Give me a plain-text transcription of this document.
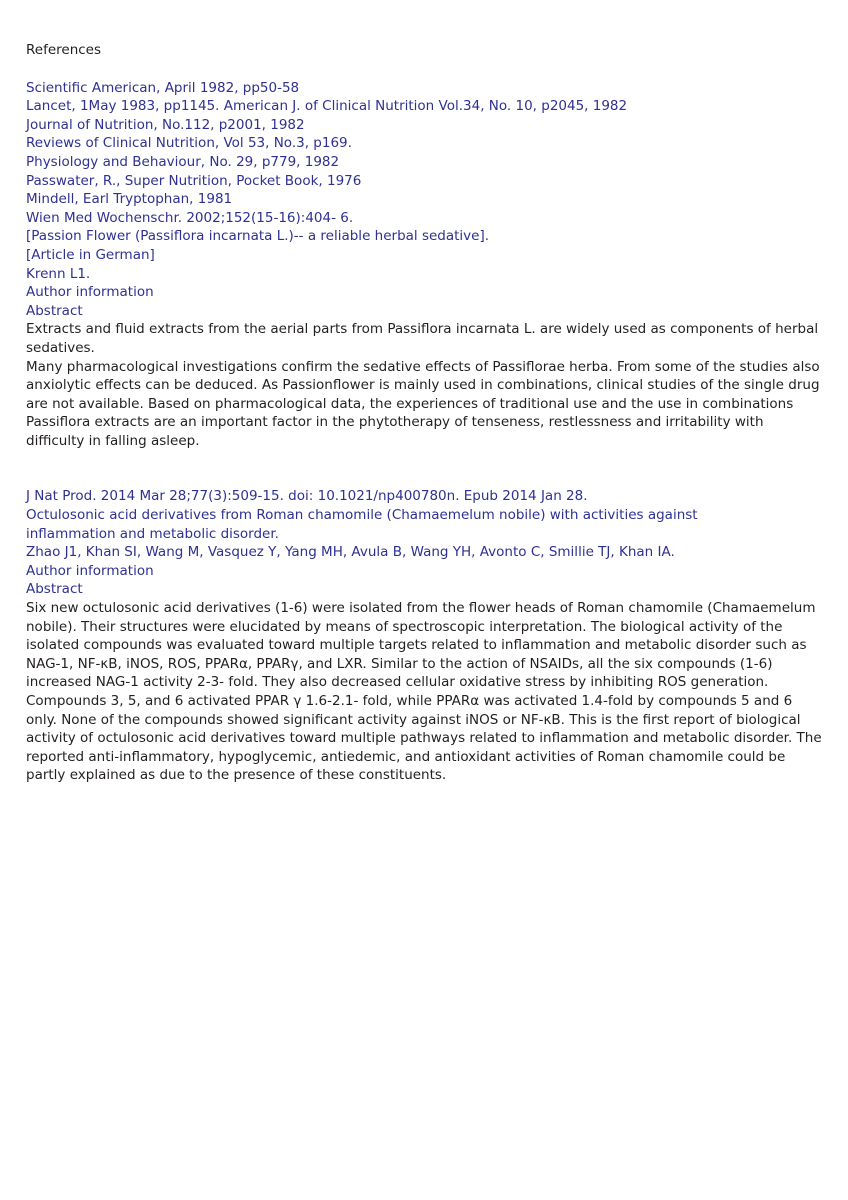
References
Scientific American, April 1982, pp50-58
Lancet, 1May 1983, pp1145. American J. of Clinical Nutrition Vol.34, No. 10, p2045, 1982
Journal of Nutrition, No.112, p2001, 1982
Reviews of Clinical Nutrition, Vol 53, No.3, p169.
Physiology and Behaviour, No. 29, p779, 1982
Passwater, R., Super Nutrition, Pocket Book, 1976
Mindell, Earl Tryptophan, 1981
Wien Med Wochenschr. 2002;152(15-16):404- 6.
[Passion Flower (Passiflora incarnata L.)-- a reliable herbal sedative].
[Article in German]
Krenn L1.
Author information
Abstract
Extracts and fluid extracts from the aerial parts from Passiflora incarnata L. are widely used as components of herbal sedatives.
Many pharmacological investigations confirm the sedative effects of Passiflorae herba. From some of the studies also anxiolytic effects can be deduced. As Passionflower is mainly used in combinations, clinical studies of the single drug are not available. Based on pharmacological data, the experiences of traditional use and the use in combinations Passiflora extracts are an important factor in the phytotherapy of tenseness, restlessness and irritability with difficulty in falling asleep.
J Nat Prod. 2014 Mar 28;77(3):509-15. doi: 10.1021/np400780n. Epub 2014 Jan 28.
Octulosonic acid derivatives from Roman chamomile (Chamaemelum nobile) with activities against
inflammation and metabolic disorder.
Zhao J1, Khan SI, Wang M, Vasquez Y, Yang MH, Avula B, Wang YH, Avonto C, Smillie TJ, Khan IA.
Author information
Abstract
Six new octulosonic acid derivatives (1-6) were isolated from the flower heads of Roman chamomile (Chamaemelum nobile). Their structures were elucidated by means of spectroscopic interpretation. The biological activity of the isolated compounds was evaluated toward multiple targets related to inflammation and metabolic disorder such as NAG-1, NF-κB, iNOS, ROS, PPARα, PPARγ, and LXR. Similar to the action of NSAIDs, all the six compounds (1-6) increased NAG-1 activity 2-3- fold. They also decreased cellular oxidative stress by inhibiting ROS generation. Compounds 3, 5, and 6 activated PPAR γ 1.6-2.1- fold, while PPARα was activated 1.4-fold by compounds 5 and 6 only. None of the compounds showed significant activity against iNOS or NF-κB. This is the first report of biological activity of octulosonic acid derivatives toward multiple pathways related to inflammation and metabolic disorder. The reported anti-inflammatory, hypoglycemic, antiedemic, and antioxidant activities of Roman chamomile could be partly explained as due to the presence of these constituents.
